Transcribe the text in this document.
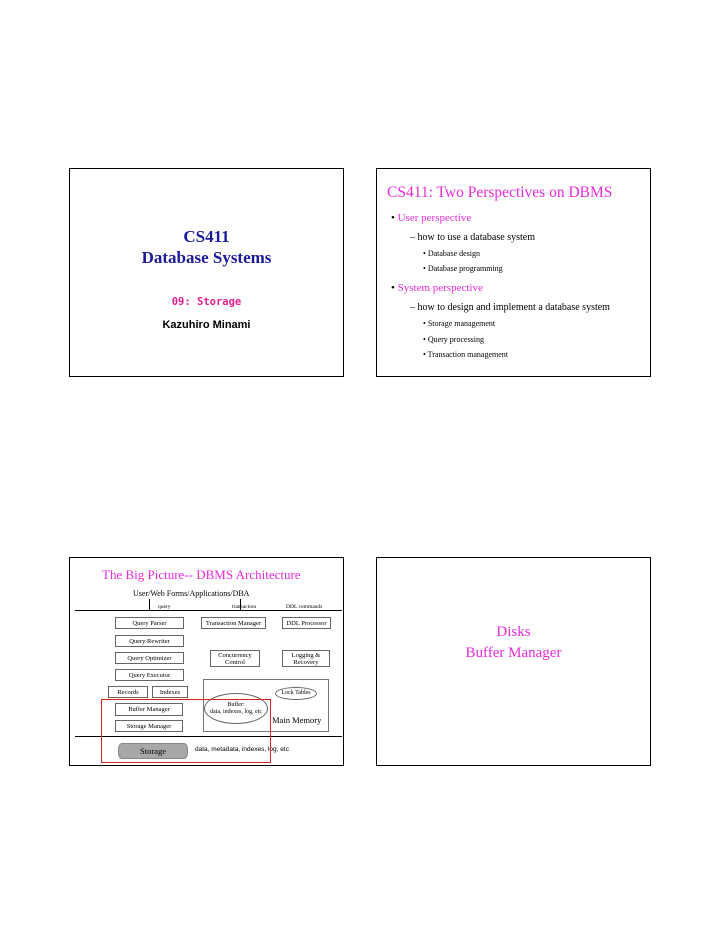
CS411
Database Systems
09: Storage
Kazuhiro Minami
CS411: Two Perspectives on DBMS
• User perspective
– how to use a database system
• Database design
• Database programming
• System perspective
– how to design and implement a database system
• Storage management
• Query processing
• Transaction management
The Big Picture-- DBMS Architecture
User/Web Forms/Applications/DBA
query	transaction	DDL commands
Query Parser	Transaction Manager	DDL Processor
Query Rewriter
Query Optimizer	Concurrency
Control
Logging &
Recovery
Query Executor
Records	Indexes	Lock Tables
Buffer:
data, indexes, log, etc
Main Memory
Buffer Manager
Storage Manager
Storage	data, metadata, indexes, log, etc
Disks
Buffer Manager
